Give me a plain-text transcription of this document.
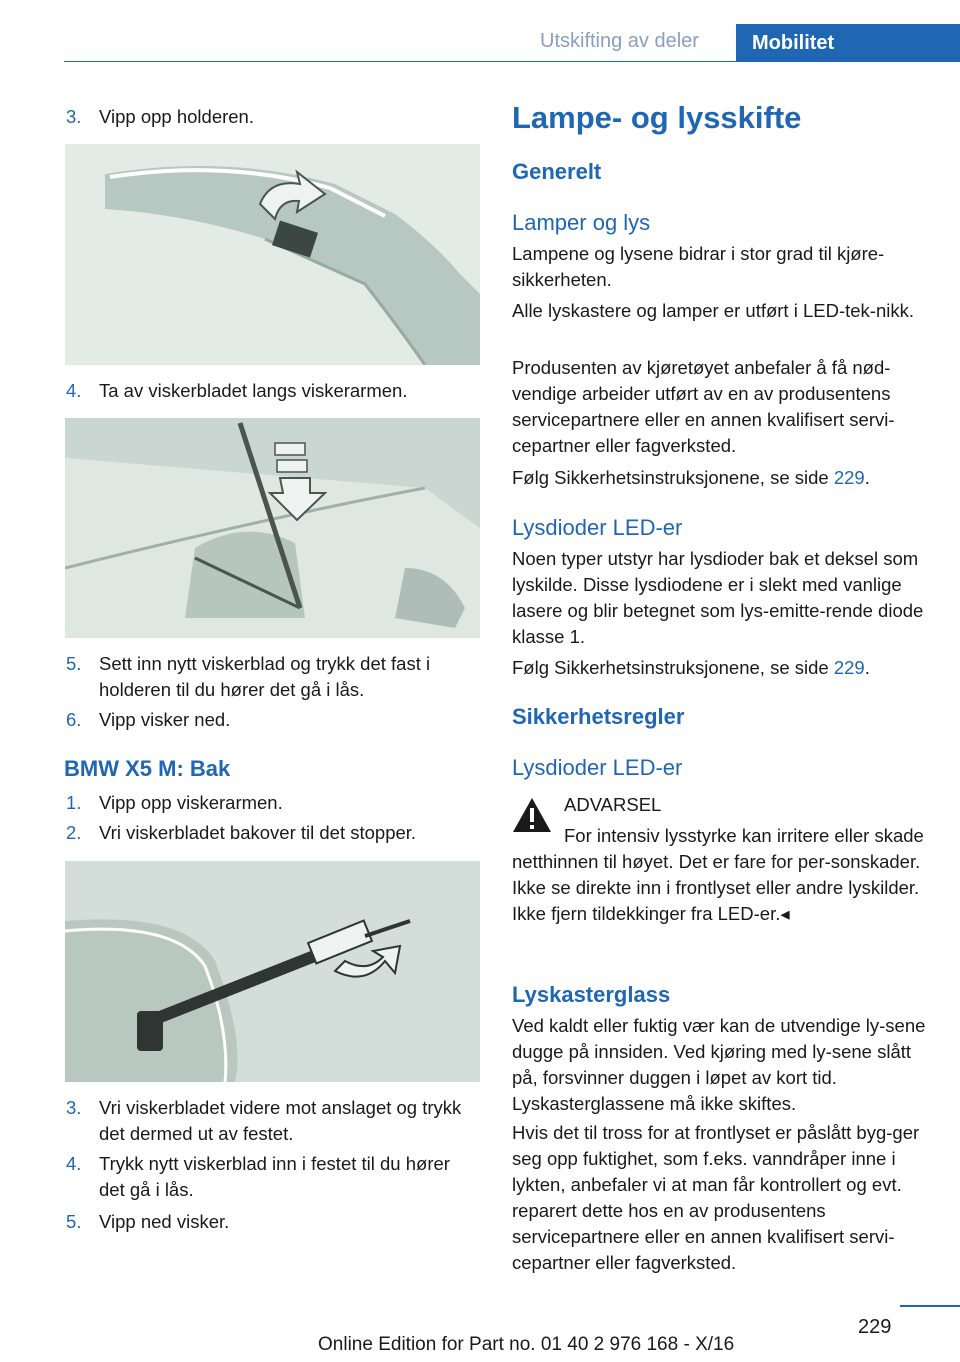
Utskifting av deler	Mobilitet
3. Vipp opp holderen.
4. Ta av viskerbladet langs viskerarmen.
5. Sett inn nytt viskerblad og trykk det fast i holderen til du hører det gå i lås.
6. Vipp visker ned.
BMW X5 M: Bak
1. Vipp opp viskerarmen.
2. Vri viskerbladet bakover til det stopper.
3. Vri viskerbladet videre mot anslaget og trykk det dermed ut av festet.
4. Trykk nytt viskerblad inn i festet til du hører det gå i lås.
5. Vipp ned visker.
Lampe- og lysskifte
Generelt
Lamper og lys

Lampene og lysene bidrar i stor grad til kjøre-sikkerheten.

Alle lyskastere og lamper er utført i LED-tek-nikk.

Produsenten av kjøretøyet anbefaler å få nød-vendige arbeider utført av en av produsentens servicepartnere eller en annen kvalifisert servi-cepartner eller fagverksted.

Følg Sikkerhetsinstruksjonene, se side 229.

Lysdioder LED-er

Noen typer utstyr har lysdioder bak et deksel som lyskilde. Disse lysdiodene er i slekt med vanlige lasere og blir betegnet som lys-emitte-rende diode klasse 1.

Følg Sikkerhetsinstruksjonene, se side 229.

Sikkerhetsregler
Lysdioder LED-er
ADVARSEL

For intensiv lysstyrke kan irritere eller skade netthinnen til høyet. Det er fare for per-sonskader. Ikke se direkte inn i frontlyset eller andre lyskilder. Ikke fjern tildekkinger fra LED-er.◂

Lyskasterglass

Ved kaldt eller fuktig vær kan de utvendige ly-sene dugge på innsiden. Ved kjøring med ly-sene slått på, forsvinner duggen i løpet av kort tid. Lyskasterglassene må ikke skiftes.

Hvis det til tross for at frontlyset er påslått byg-ger seg opp fuktighet, som f.eks. vanndråper inne i lykten, anbefaler vi at man får kontrollert og evt. reparert dette hos en av produsentens servicepartnere eller en annen kvalifisert servi-cepartner eller fagverksted.

229
Online Edition for Part no. 01 40 2 976 168 - X/16
